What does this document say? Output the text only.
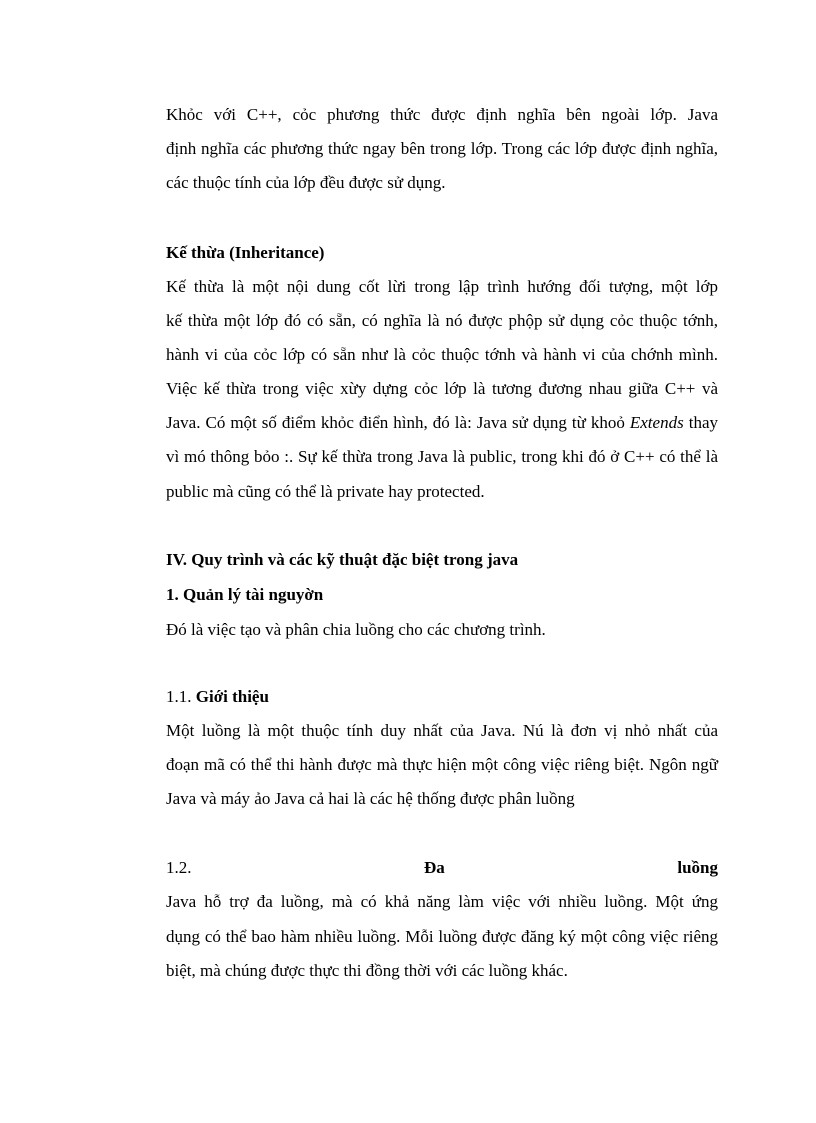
Khỏc với C++, cỏc phương thức được định nghĩa bên ngoài lớp. Java
định nghĩa các phương thức ngay bên trong lớp. Trong các lớp được định nghĩa,
các thuộc tính của lớp đều được sử dụng.
Kế thừa (Inheritance)
Kế thừa là một nội dung cốt lừi trong lập trình hướng đối tượng, một lớp
kế thừa một lớp đó có sẵn, có nghĩa là nó được phộp sử dụng cỏc thuộc tớnh,
hành vi của cỏc lớp có sẵn như là cỏc thuộc tớnh và hành vi của chớnh mình.
Việc kế thừa trong việc xừy dựng cỏc lớp là tương đương nhau giữa C++ và
Java. Có một số điểm khỏc điển hình, đó là: Java sử dụng từ khoỏ Extends thay
vì mó thông bỏo :. Sự kế thừa trong Java là public, trong khi đó ở C++ có thể là
public mà cũng có thể là private hay protected.
IV. Quy trình và các kỹ thuật đặc biệt trong java
1. Quản lý tài nguyờn
Đó là việc tạo và phân chia luồng cho các chương trình.
1.1. Giới thiệu
Một luồng là một thuộc tính duy nhất của Java. Nú là đơn vị nhỏ nhất của
đoạn mã có thể thi hành được mà thực hiện một công việc riêng biệt. Ngôn ngữ
Java và máy ảo Java cả hai là các hệ thống được phân luồng
1.2.	Đa	luồng
Java hỗ trợ đa luồng, mà có khả năng làm việc với nhiều luồng. Một ứng
dụng có thể bao hàm nhiều luồng. Mỗi luồng được đăng ký một công việc riêng
biệt, mà chúng được thực thi đồng thời với các luồng khác.
